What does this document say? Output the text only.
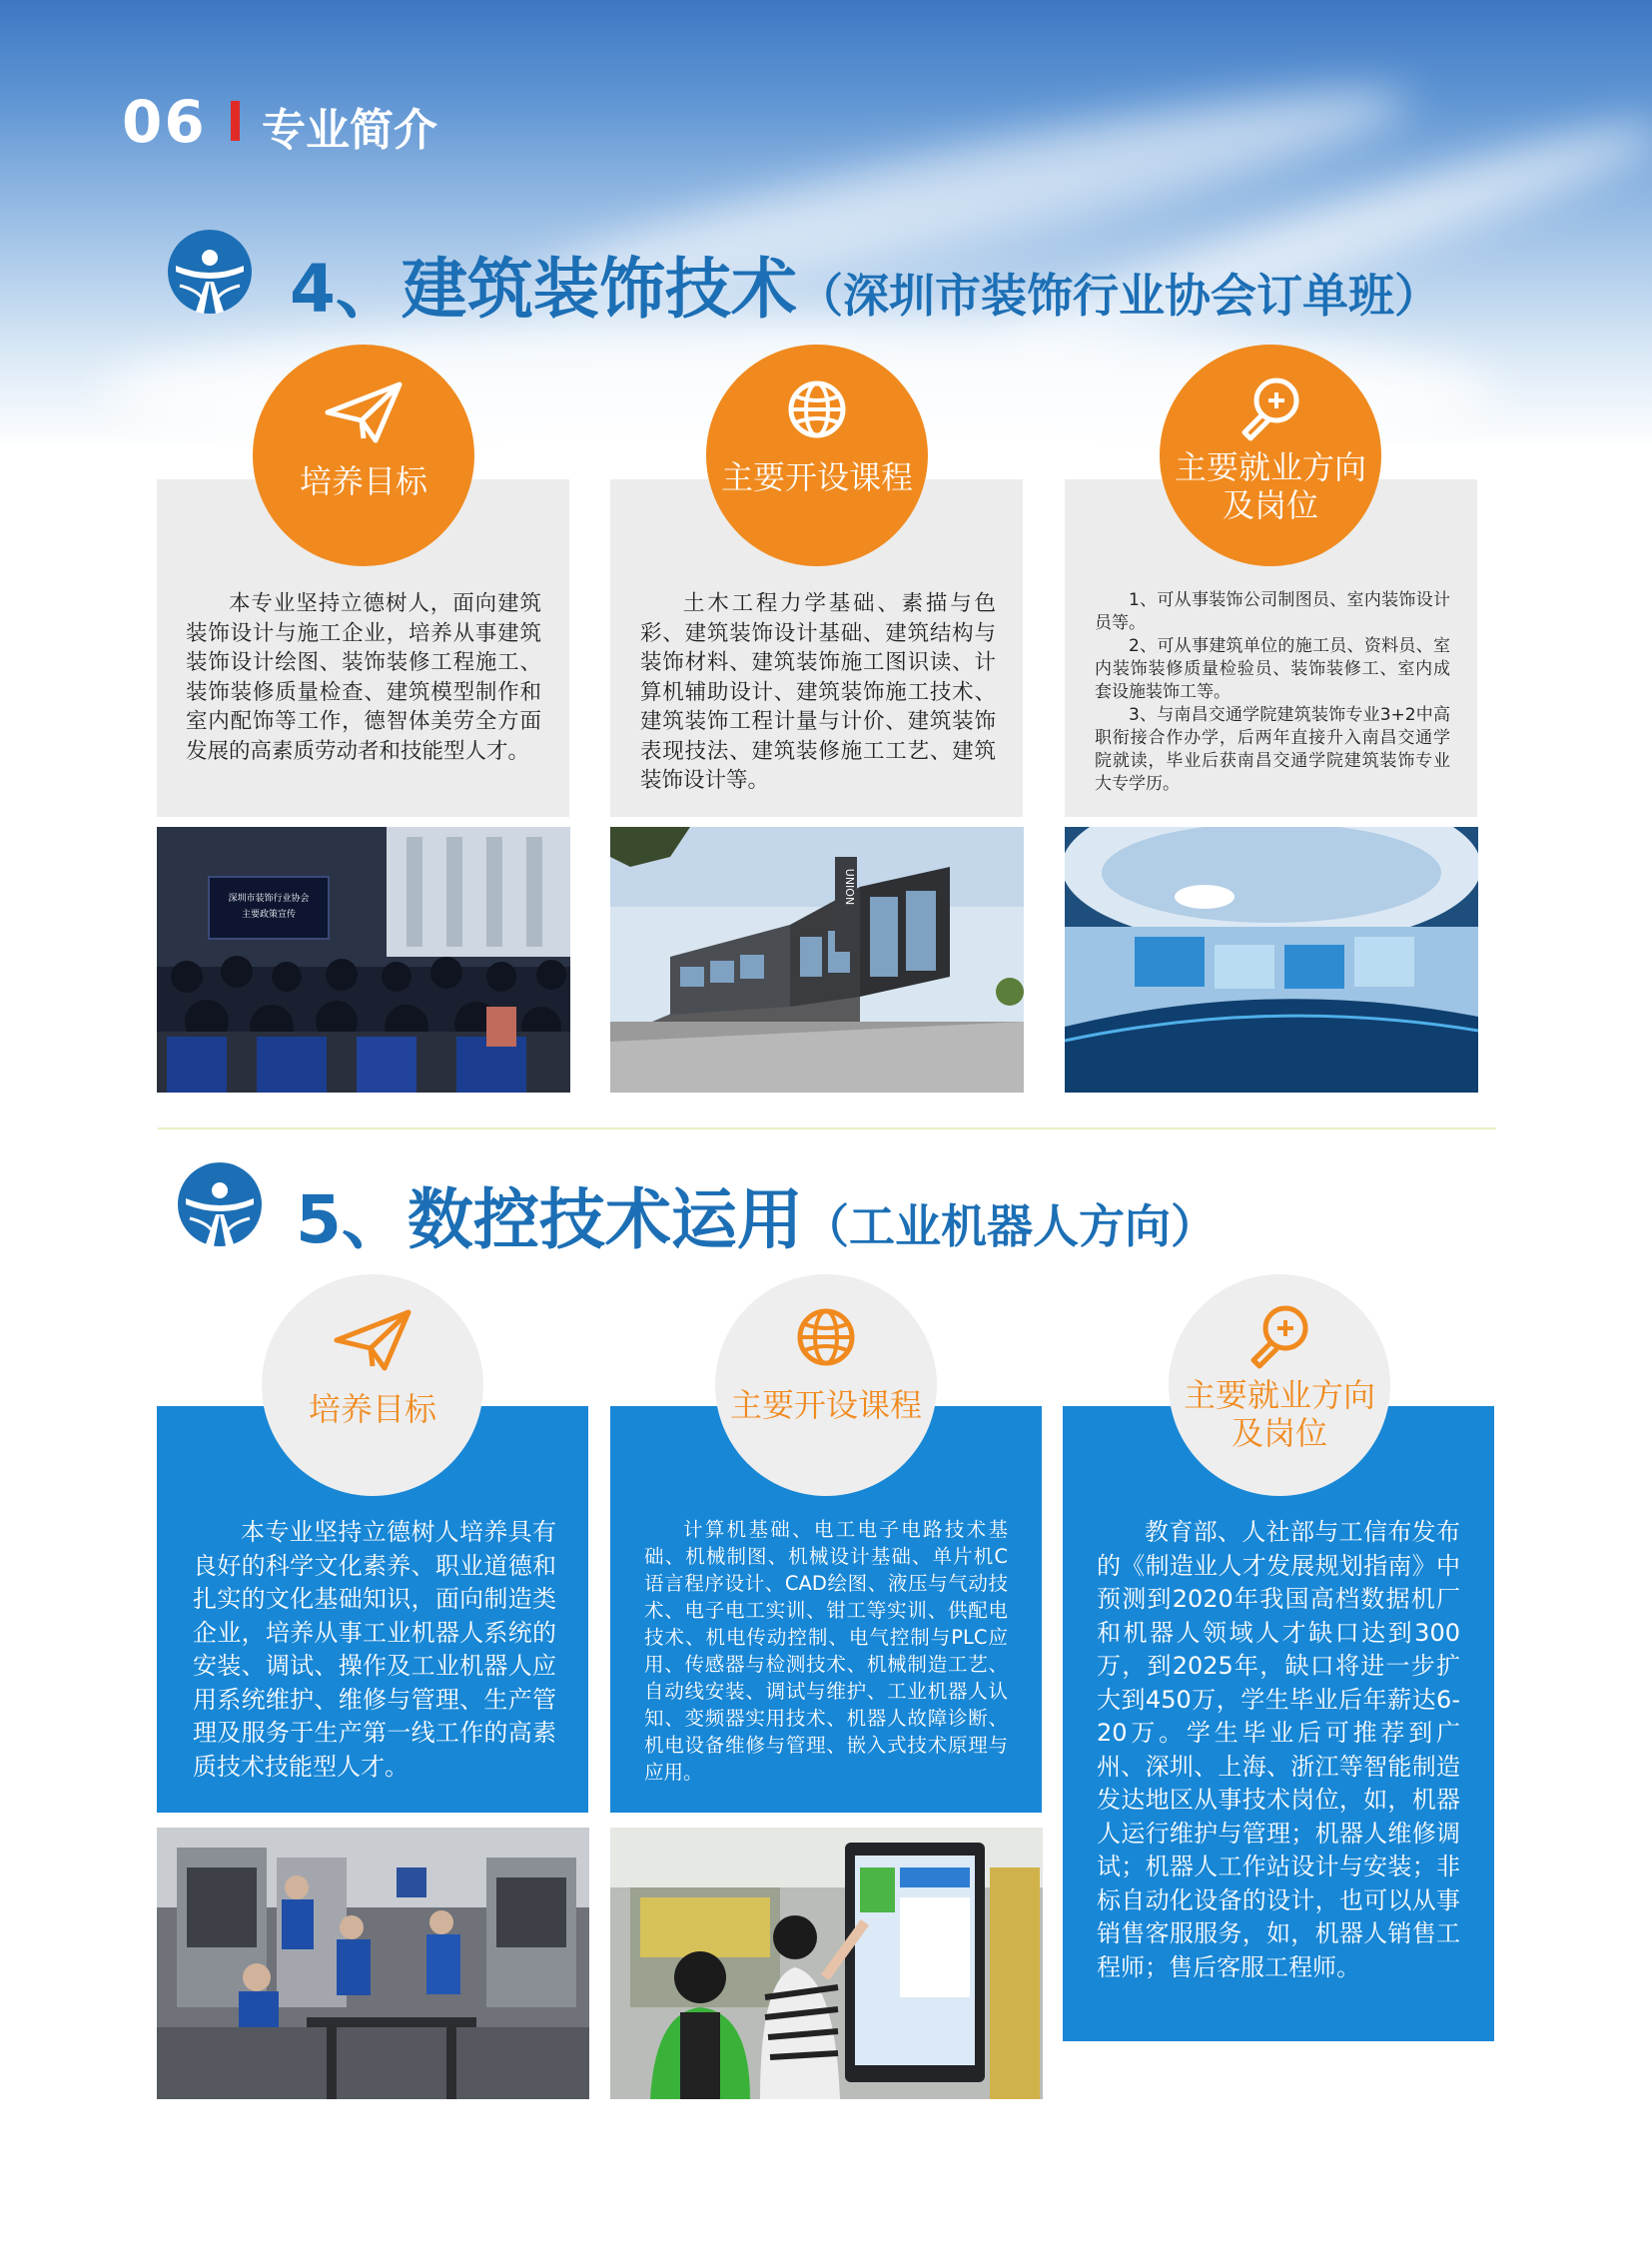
06 专业简介
4、建筑装饰技术（深圳市装饰行业协会订单班）
培养目标	主要开设课程	主要就业方向
及岗位
本专业坚持立德树人，面向建筑装饰设计与施工企业，培养从事建筑装饰设计绘图、装饰装修工程施工、装饰装修质量检查、建筑模型制作和室内配饰等工作，德智体美劳全方面发展的高素质劳动者和技能型人才。
土木工程力学基础、素描与色彩、建筑装饰设计基础、建筑结构与装饰材料、建筑装饰施工图识读、计算机辅助设计、建筑装饰施工技术、建筑装饰工程计量与计价、建筑装饰表现技法、建筑装修施工工艺、建筑装饰设计等。
1、可从事装饰公司制图员、室内装饰设计员等。
2、可从事建筑单位的施工员、资料员、室内装饰装修质量检验员、装饰装修工、室内成套设施装饰工等。
3、与南昌交通学院建筑装饰专业3+2中高职衔接合作办学，后两年直接升入南昌交通学院就读，毕业后获南昌交通学院建筑装饰专业大专学历。
深圳市装饰行业协会
主要政策宣传
UNION
5、数控技术运用（工业机器人方向）
培养目标	主要开设课程	主要就业方向
及岗位
本专业坚持立德树人培养具有良好的科学文化素养、职业道德和扎实的文化基础知识，面向制造类企业，培养从事工业机器人系统的安装、调试、操作及工业机器人应用系统维护、维修与管理、生产管理及服务于生产第一线工作的高素质技术技能型人才。
计算机基础、电工电子电路技术基础、机械制图、机械设计基础、单片机C语言程序设计、CAD绘图、液压与气动技术、电子电工实训、钳工等实训、供配电技术、机电传动控制、电气控制与PLC应用、传感器与检测技术、机械制造工艺、自动线安装、调试与维护、工业机器人认知、变频器实用技术、机器人故障诊断、机电设备维修与管理、嵌入式技术原理与应用。
教育部、人社部与工信布发布的《制造业人才发展规划指南》中预测到2020年我国高档数据机厂和机器人领域人才缺口达到300万，到2025年，缺口将进一步扩大到450万，学生毕业后年薪达6-20万。学生毕业后可推荐到广州、深圳、上海、浙江等智能制造发达地区从事技术岗位，如，机器人运行维护与管理；机器人维修调试；机器人工作站设计与安装；非标自动化设备的设计，也可以从事销售客服服务，如，机器人销售工程师；售后客服工程师。
